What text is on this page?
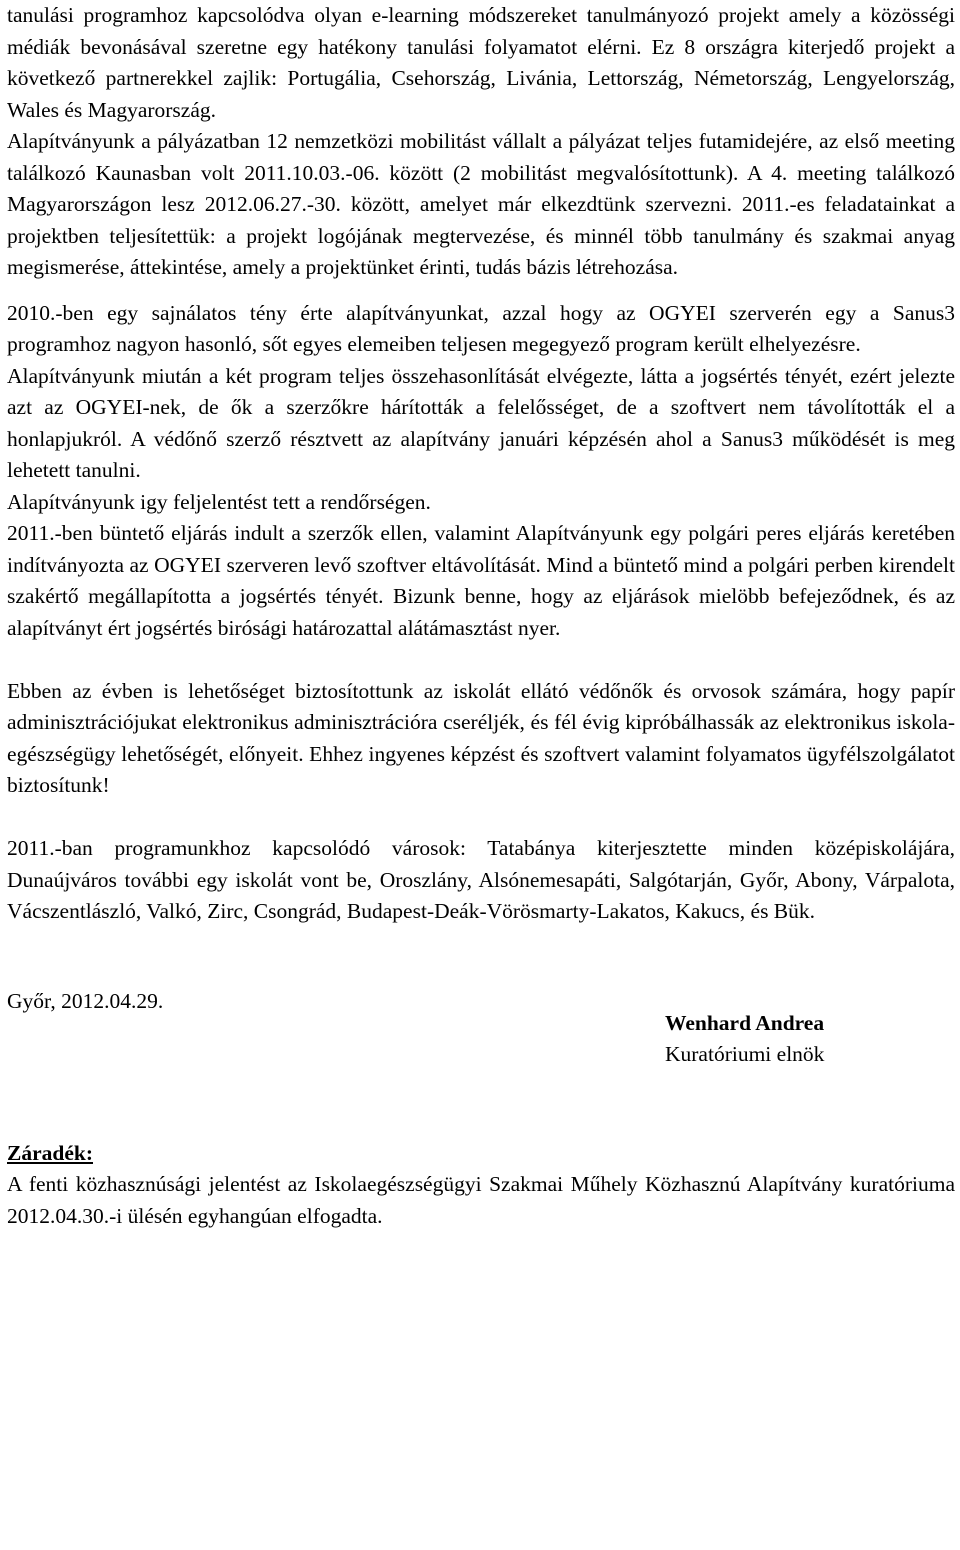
tanulási programhoz kapcsolódva olyan e-learning módszereket tanulmányozó projekt amely a közösségi médiák bevonásával szeretne egy hatékony tanulási folyamatot elérni. Ez 8 országra kiterjedő projekt a következő partnerekkel zajlik: Portugália, Csehország, Livánia, Lettország, Németország, Lengyelország, Wales és Magyarország.

Alapítványunk a pályázatban 12 nemzetközi mobilitást vállalt a pályázat teljes futamidejére, az első meeting találkozó Kaunasban volt 2011.10.03.-06. között (2 mobilitást megvalósítottunk). A 4. meeting találkozó Magyarországon lesz 2012.06.27.-30. között, amelyet már elkezdtünk szervezni. 2011.-es feladatainkat a projektben teljesítettük: a projekt logójának megtervezése, és minnél több tanulmány és szakmai anyag megismerése, áttekintése, amely a projektünket érinti, tudás bázis létrehozása.

2010.-ben egy sajnálatos tény érte alapítványunkat, azzal hogy az OGYEI szerverén egy a Sanus3 programhoz nagyon hasonló, sőt egyes elemeiben teljesen megegyező program került elhelyezésre.

Alapítványunk miután a két program teljes összehasonlítását elvégezte, látta a jogsértés tényét, ezért jelezte azt az OGYEI-nek, de ők a szerzőkre hárították a felelősséget, de a szoftvert nem távolították el a honlapjukról. A védőnő szerző résztvett az alapítvány januári képzésén ahol a Sanus3 működését is meg lehetett tanulni.

Alapítványunk igy feljelentést tett a rendőrségen.

2011.-ben büntető eljárás indult a szerzők ellen, valamint Alapítványunk egy polgári peres eljárás keretében indítványozta az OGYEI szerveren levő szoftver eltávolítását. Mind a büntető mind a polgári perben kirendelt szakértő megállapította a jogsértés tényét. Bizunk benne, hogy az eljárások mielöbb befejeződnek, és az alapítványt ért jogsértés birósági határozattal alátámasztást nyer.

Ebben az évben is lehetőséget biztosítottunk az iskolát ellátó védőnők és orvosok számára, hogy papír adminisztrációjukat elektronikus adminisztrációra cseréljék, és fél évig kipróbálhassák az elektronikus iskola-egészségügy lehetőségét, előnyeit. Ehhez ingyenes képzést és szoftvert valamint folyamatos ügyfélszolgálatot biztosítunk!

2011.-ban programunkhoz kapcsolódó városok: Tatabánya kiterjesztette minden középiskolájára, Dunaújváros további egy iskolát vont be, Oroszlány, Alsónemesapáti, Salgótarján, Győr, Abony, Várpalota, Vácszentlászló, Valkó, Zirc, Csongrád, Budapest-Deák-Vörösmarty-Lakatos, Kakucs, és Bük.

Győr, 2012.04.29.

Wenhard Andrea

Kuratóriumi elnök

Záradék:

A fenti közhasznúsági jelentést az Iskolaegészségügyi Szakmai Műhely Közhasznú Alapítvány kuratóriuma 2012.04.30.-i ülésén egyhangúan elfogadta.
